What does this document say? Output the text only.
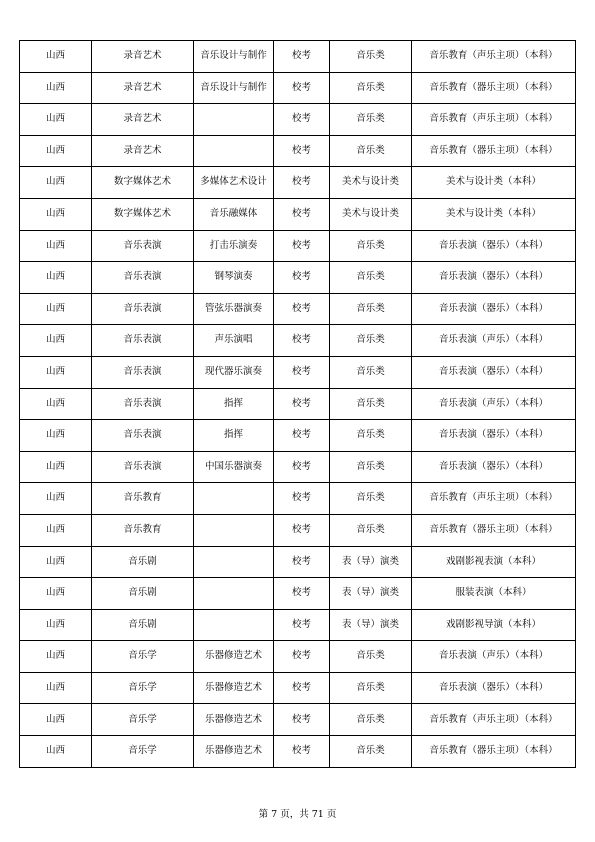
山西	录音艺术	音乐设计与制作	校考	音乐类	音乐教育（声乐主项）（本科）
山西	录音艺术	音乐设计与制作	校考	音乐类	音乐教育（器乐主项）（本科）
山西	录音艺术		校考	音乐类	音乐教育（声乐主项）（本科）
山西	录音艺术		校考	音乐类	音乐教育（器乐主项）（本科）
山西	数字媒体艺术	多媒体艺术设计	校考	美术与设计类	美术与设计类（本科）
山西	数字媒体艺术	音乐融媒体	校考	美术与设计类	美术与设计类（本科）
山西	音乐表演	打击乐演奏	校考	音乐类	音乐表演（器乐）（本科）
山西	音乐表演	钢琴演奏	校考	音乐类	音乐表演（器乐）（本科）
山西	音乐表演	管弦乐器演奏	校考	音乐类	音乐表演（器乐）（本科）
山西	音乐表演	声乐演唱	校考	音乐类	音乐表演（声乐）（本科）
山西	音乐表演	现代器乐演奏	校考	音乐类	音乐表演（器乐）（本科）
山西	音乐表演	指挥	校考	音乐类	音乐表演（声乐）（本科）
山西	音乐表演	指挥	校考	音乐类	音乐表演（器乐）（本科）
山西	音乐表演	中国乐器演奏	校考	音乐类	音乐表演（器乐）（本科）
山西	音乐教育		校考	音乐类	音乐教育（声乐主项）（本科）
山西	音乐教育		校考	音乐类	音乐教育（器乐主项）（本科）
山西	音乐剧		校考	表（导）演类	戏剧影视表演（本科）
山西	音乐剧		校考	表（导）演类	服装表演（本科）
山西	音乐剧		校考	表（导）演类	戏剧影视导演（本科）
山西	音乐学	乐器修造艺术	校考	音乐类	音乐表演（声乐）（本科）
山西	音乐学	乐器修造艺术	校考	音乐类	音乐表演（器乐）（本科）
山西	音乐学	乐器修造艺术	校考	音乐类	音乐教育（声乐主项）（本科）
山西	音乐学	乐器修造艺术	校考	音乐类	音乐教育（器乐主项）（本科）
第 7 页，共 71 页
